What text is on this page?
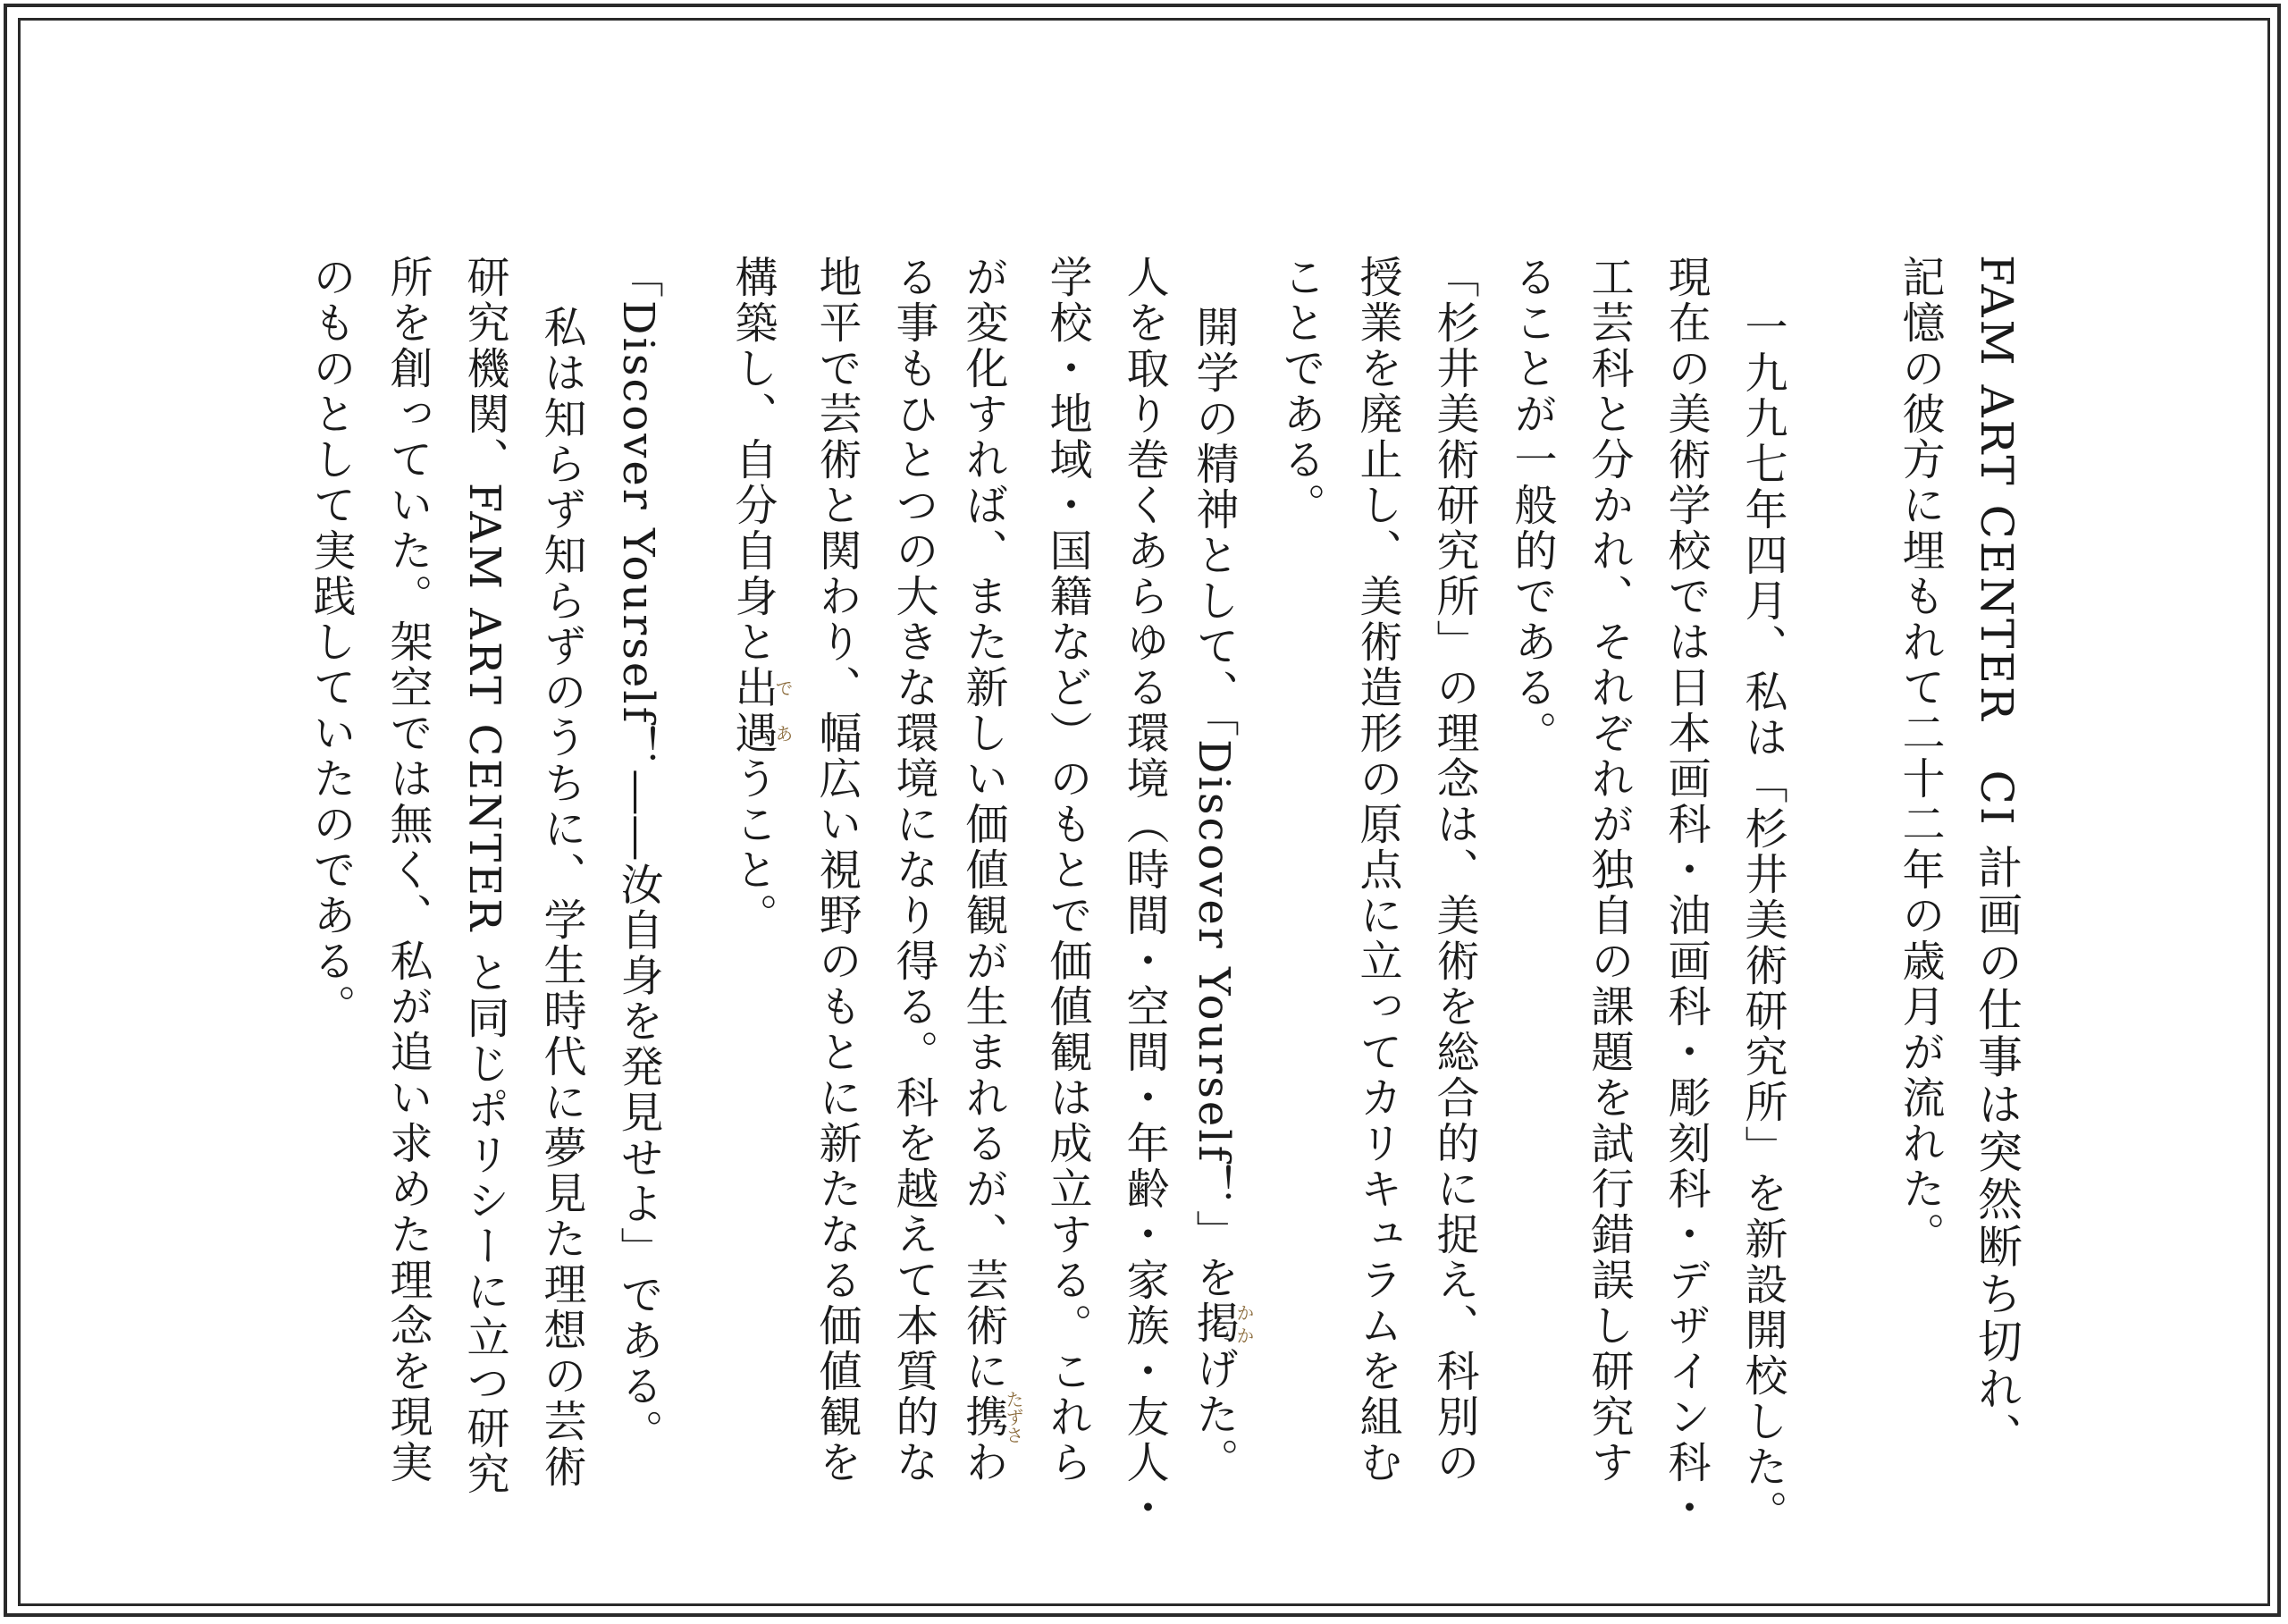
FAM ART CENTER　CI 計画の仕事は突然断ち切れ、
記憶の彼方に埋もれて二十二年の歳月が流れた。
一九九七年四月、私は「杉井美術研究所」を新設開校した。
現在の美術学校では日本画科・油画科・彫刻科・デザイン科・
工芸科と分かれ、それぞれが独自の課題を試行錯誤し研究す
ることが一般的である。
「杉井美術研究所」の理念は、美術を総合的に捉え、科別の
授業を廃止し、美術造形の原点に立ってカリキュラムを組む
ことである。
開学の精神として、「Discover Yourself！」を掲かかげた。
人を取り巻くあらゆる環境（時間・空間・年齢・家族・友人・
学校・地域・国籍など）のもとで価値観は成立する。これら
が変化すれば、また新しい価値観が生まれるが、芸術に携たずさわ
る事もひとつの大きな環境になり得る。科を越えて本質的な
地平で芸術と関わり、幅広い視野のもとに新たなる価値観を
構築し、自分自身と出遇であうこと。
「Discover Yourself！――汝自身を発見せよ」である。
私は知らず知らずのうちに、学生時代に夢見た理想の芸術
研究機関、FAM ART CENTER と同じポリシーに立つ研究
所を創っていた。架空では無く、私が追い求めた理念を現実
のものとして実践していたのである。
